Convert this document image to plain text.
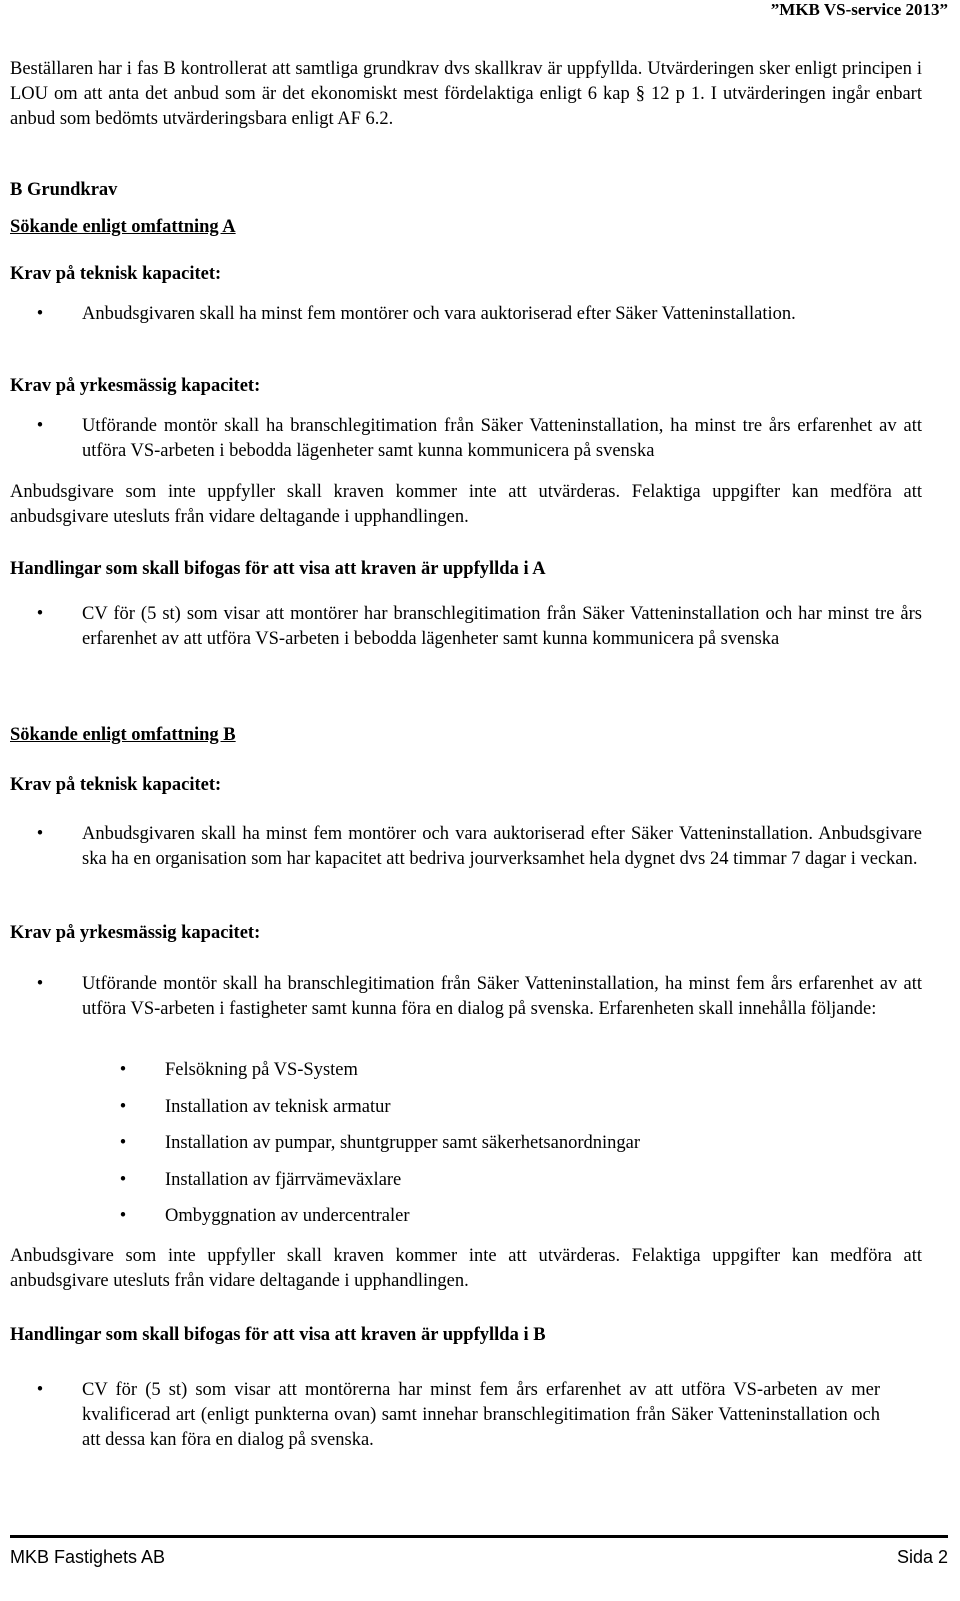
”MKB VS-service 2013”

Beställaren har i fas B kontrollerat att samtliga grundkrav dvs skallkrav är uppfyllda. Utvärderingen sker enligt principen i LOU om att anta det anbud som är det ekonomiskt mest fördelaktiga enligt 6 kap § 12 p 1. I utvärderingen ingår enbart anbud som bedömts utvärderingsbara enligt AF 6.2.

B Grundkrav
Sökande enligt omfattning A
Krav på teknisk kapacitet:
•	Anbudsgivaren skall ha minst fem montörer och vara auktoriserad efter Säker Vatteninstallation.
Krav på yrkesmässig kapacitet:
•	Utförande montör skall ha branschlegitimation från Säker Vatteninstallation, ha minst tre års erfarenhet av att utföra VS-arbeten i bebodda lägenheter samt kunna kommunicera på svenska

Anbudsgivare som inte uppfyller skall kraven kommer inte att utvärderas. Felaktiga uppgifter kan medföra att anbudsgivare utesluts från vidare deltagande i upphandlingen.

Handlingar som skall bifogas för att visa att kraven är uppfyllda i A
•	CV för (5 st) som visar att montörer har branschlegitimation från Säker Vatteninstallation och har minst tre års erfarenhet av att utföra VS-arbeten i bebodda lägenheter samt kunna kommunicera på svenska
Sökande enligt omfattning B
Krav på teknisk kapacitet:
•	Anbudsgivaren skall ha minst fem montörer och vara auktoriserad efter Säker Vatteninstallation. Anbudsgivare ska ha en organisation som har kapacitet att bedriva jourverksamhet hela dygnet dvs 24 timmar 7 dagar i veckan.
Krav på yrkesmässig kapacitet:
•	Utförande montör skall ha branschlegitimation från Säker Vatteninstallation, ha minst fem års erfarenhet av att utföra VS-arbeten i fastigheter samt kunna föra en dialog på svenska. Erfarenheten skall innehålla följande:
•	Felsökning på VS-System
•	Installation av teknisk armatur
•	Installation av pumpar, shuntgrupper samt säkerhetsanordningar
•	Installation av fjärrvämeväxlare
•	Ombyggnation av undercentraler

Anbudsgivare som inte uppfyller skall kraven kommer inte att utvärderas. Felaktiga uppgifter kan medföra att anbudsgivare utesluts från vidare deltagande i upphandlingen.

Handlingar som skall bifogas för att visa att kraven är uppfyllda i B
•	CV för (5 st) som visar att montörerna har minst fem års erfarenhet av att utföra VS-arbeten av mer kvalificerad art (enligt punkterna ovan) samt innehar branschlegitimation från Säker Vatteninstallation och att dessa kan föra en dialog på svenska.
MKB Fastighets AB	Sida 2
